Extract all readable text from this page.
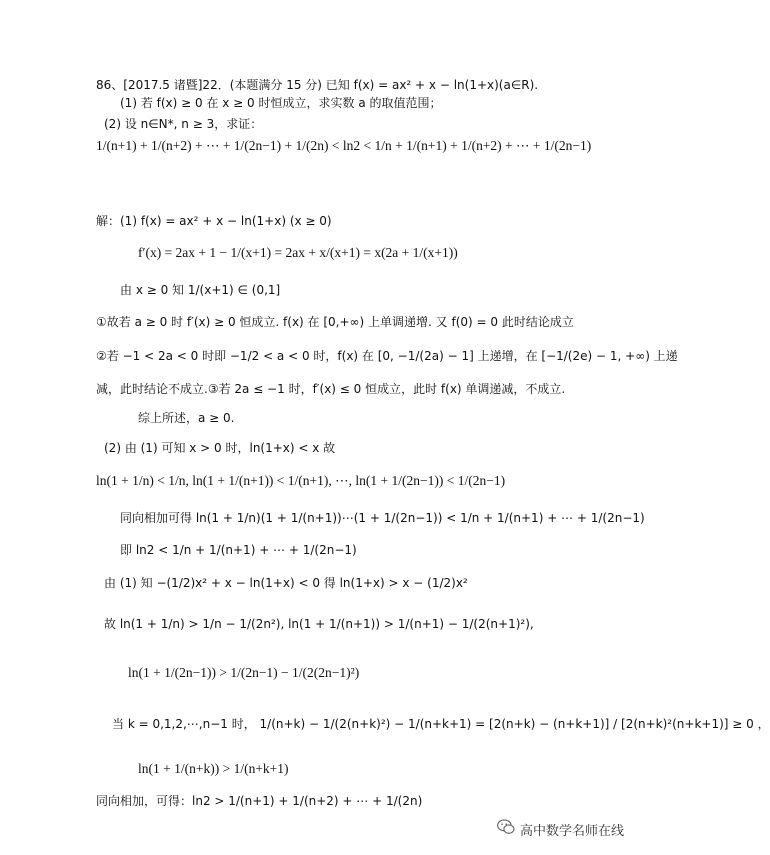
86、[2017.5 诸暨]22．(本题满分 15 分) 已知 f(x) = ax² + x − ln(1+x)(a∈R).
(1) 若 f(x) ≥ 0 在 x ≥ 0 时恒成立，求实数 a 的取值范围；
(2) 设 n∈N*, n ≥ 3，求证：
1/(n+1) + 1/(n+2) + ⋯ + 1/(2n−1) + 1/(2n) < ln2 < 1/n + 1/(n+1) + 1/(n+2) + ⋯ + 1/(2n−1)
解：(1) f(x) = ax² + x − ln(1+x) (x ≥ 0)
f′(x) = 2ax + 1 − 1/(x+1) = 2ax + x/(x+1) = x(2a + 1/(x+1))
由 x ≥ 0 知 1/(x+1) ∈ (0,1]
①故若 a ≥ 0 时 f′(x) ≥ 0 恒成立. f(x) 在 [0,+∞) 上单调递增. 又 f(0) = 0 此时结论成立
②若 −1 < 2a < 0 时即 −1/2 < a < 0 时，f(x) 在 [0, −1/(2a) − 1] 上递增，在 [−1/(2e) − 1, +∞) 上递
减，此时结论不成立.③若 2a ≤ −1 时，f′(x) ≤ 0 恒成立，此时 f(x) 单调递减，不成立.
综上所述，a ≥ 0.
(2) 由 (1) 可知 x > 0 时，ln(1+x) < x 故
ln(1 + 1/n) < 1/n, ln(1 + 1/(n+1)) < 1/(n+1), ⋯, ln(1 + 1/(2n−1)) < 1/(2n−1)
同向相加可得 ln(1 + 1/n)(1 + 1/(n+1))⋯(1 + 1/(2n−1)) < 1/n + 1/(n+1) + ⋯ + 1/(2n−1)
即 ln2 < 1/n + 1/(n+1) + ⋯ + 1/(2n−1)
由 (1) 知 −(1/2)x² + x − ln(1+x) < 0 得 ln(1+x) > x − (1/2)x²
故 ln(1 + 1/n) > 1/n − 1/(2n²), ln(1 + 1/(n+1)) > 1/(n+1) − 1/(2(n+1)²),
ln(1 + 1/(2n−1)) > 1/(2n−1) − 1/(2(2n−1)²)
当 k = 0,1,2,⋯,n−1 时， 1/(n+k) − 1/(2(n+k)²) − 1/(n+k+1) = [2(n+k) − (n+k+1)] / [2(n+k)²(n+k+1)] ≥ 0 ，
ln(1 + 1/(n+k)) > 1/(n+k+1)
同向相加，可得：ln2 > 1/(n+1) + 1/(n+2) + ⋯ + 1/(2n)
高中数学名师在线
